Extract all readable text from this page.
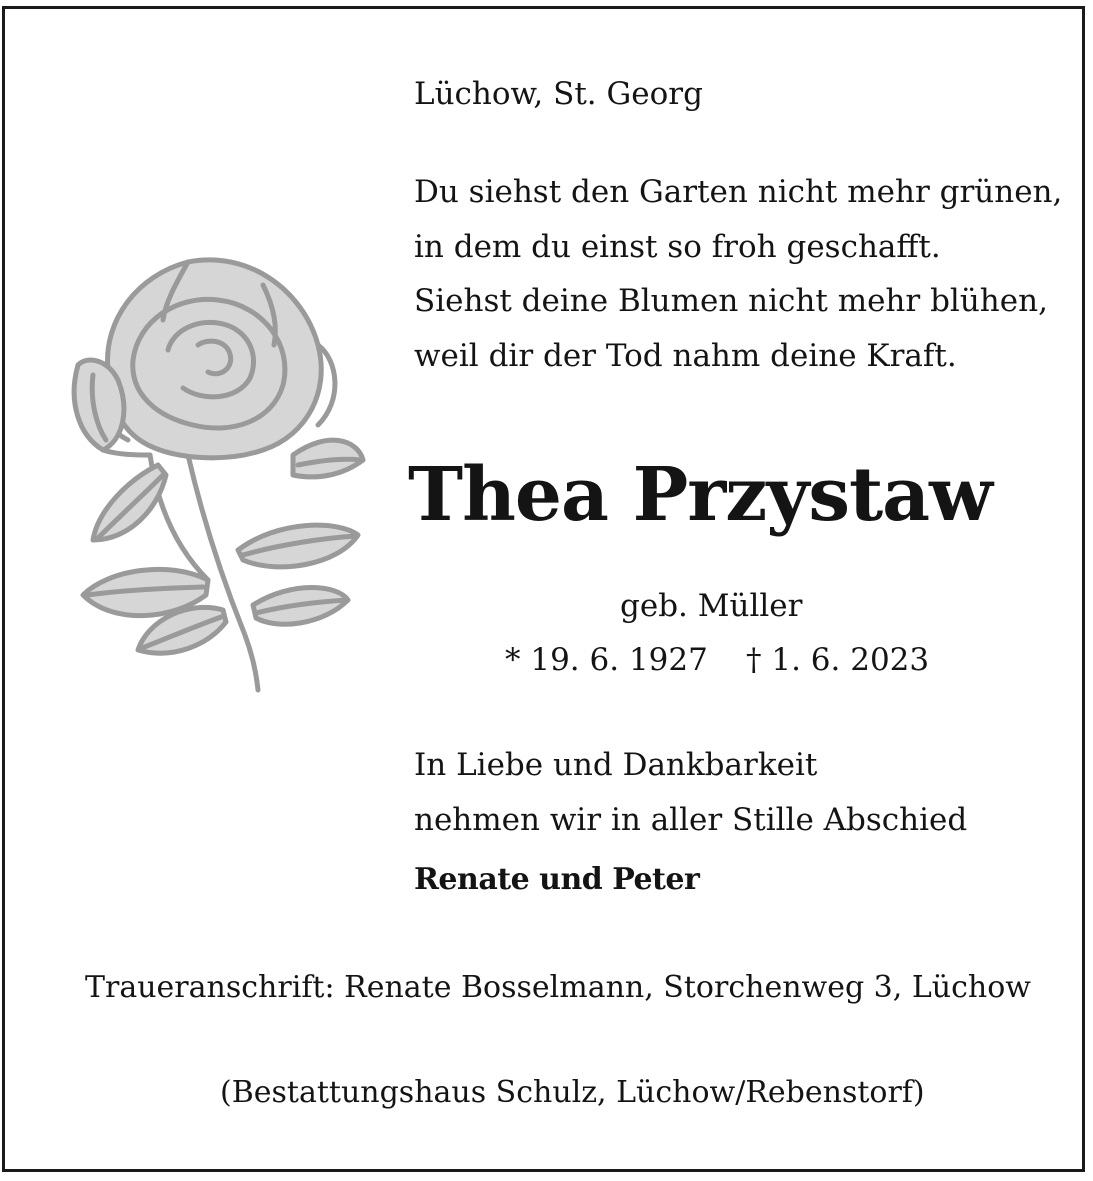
Lüchow, St. Georg
Du siehst den Garten nicht mehr grünen,
in dem du einst so froh geschafft.
Siehst deine Blumen nicht mehr blühen,
weil dir der Tod nahm deine Kraft.
Thea Przystaw
geb. Müller
* 19. 6. 1927 † 1. 6. 2023
In Liebe und Dankbarkeit
nehmen wir in aller Stille Abschied
Renate und Peter
Traueranschrift: Renate Bosselmann, Storchenweg 3, Lüchow
(Bestattungshaus Schulz, Lüchow/Rebenstorf)
